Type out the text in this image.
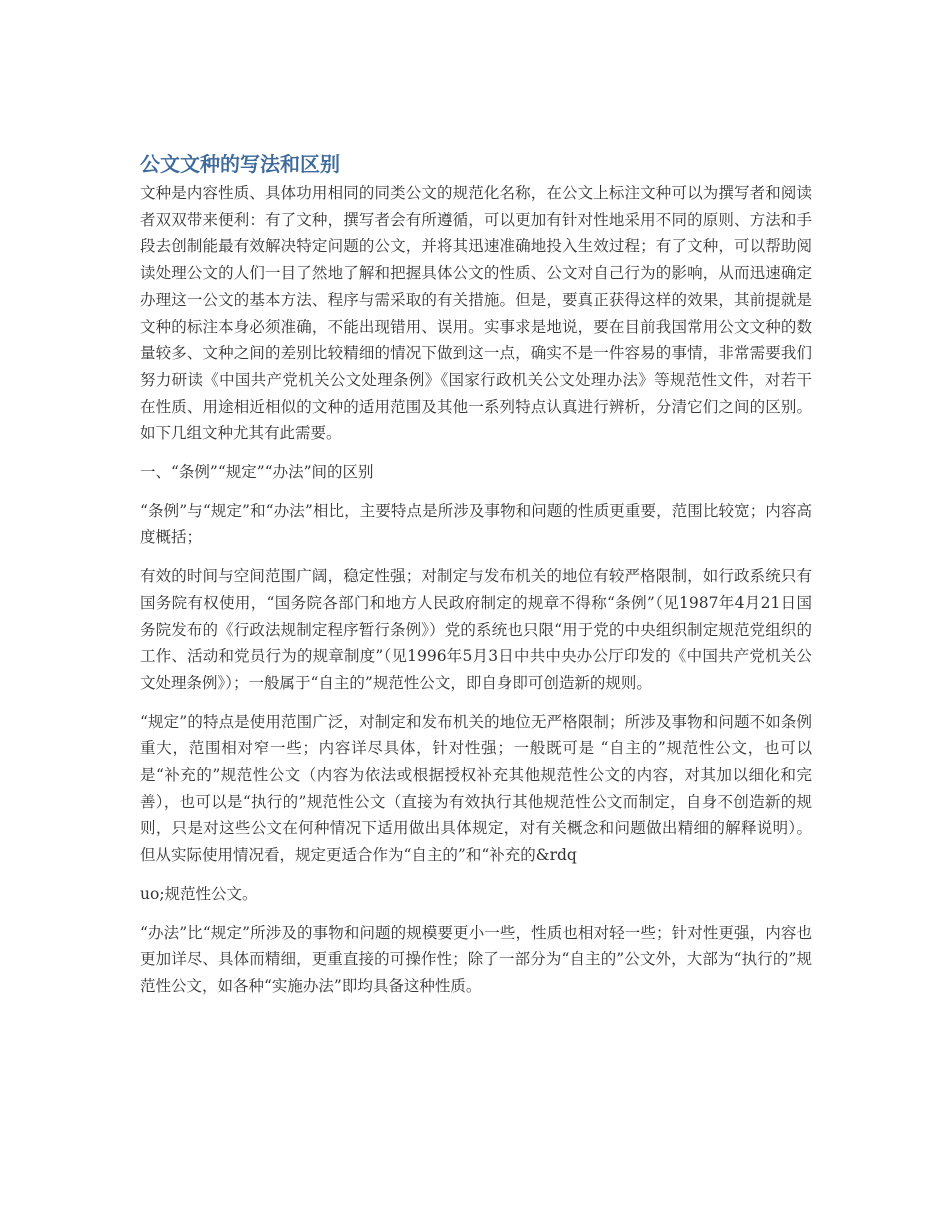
公文文种的写法和区别

文种是内容性质、具体功用相同的同类公文的规范化名称，在公文上标注文种可以为撰写者和阅读者双双带来便利：有了文种，撰写者会有所遵循，可以更加有针对性地采用不同的原则、方法和手段去创制能最有效解决特定问题的公文，并将其迅速准确地投入生效过程；有了文种，可以帮助阅读处理公文的人们一目了然地了解和把握具体公文的性质、公文对自己行为的影响，从而迅速确定办理这一公文的基本方法、程序与需采取的有关措施。但是，要真正获得这样的效果，其前提就是文种的标注本身必须准确，不能出现错用、误用。实事求是地说，要在目前我国常用公文文种的数量较多、文种之间的差别比较精细的情况下做到这一点，确实不是一件容易的事情，非常需要我们努力研读《中国共产党机关公文处理条例》《国家行政机关公文处理办法》等规范性文件，对若干在性质、用途相近相似的文种的适用范围及其他一系列特点认真进行辨析，分清它们之间的区别。如下几组文种尤其有此需要。

一、“条例”“规定”“办法”间的区别

“条例”与“规定”和“办法”相比，主要特点是所涉及事物和问题的性质更重要，范围比较宽；内容高度概括；

有效的时间与空间范围广阔，稳定性强；对制定与发布机关的地位有较严格限制，如行政系统只有国务院有权使用，“国务院各部门和地方人民政府制定的规章不得称“条例”（见1987年4月21日国务院发布的《行政法规制定程序暂行条例》）党的系统也只限“用于党的中央组织制定规范党组织的工作、活动和党员行为的规章制度”（见1996年5月3日中共中央办公厅印发的《中国共产党机关公文处理条例》）；一般属于“自主的”规范性公文，即自身即可创造新的规则。

“规定”的特点是使用范围广泛，对制定和发布机关的地位无严格限制；所涉及事物和问题不如条例重大，范围相对窄一些；内容详尽具体，针对性强；一般既可是 “自主的”规范性公文，也可以是“补充的”规范性公文（内容为依法或根据授权补充其他规范性公文的内容，对其加以细化和完善），也可以是“执行的”规范性公文（直接为有效执行其他规范性公文而制定，自身不创造新的规则，只是对这些公文在何种情况下适用做出具体规定，对有关概念和问题做出精细的解释说明）。但从实际使用情况看，规定更适合作为“自主的”和“补充的&rdq

uo;规范性公文。

“办法”比“规定”所涉及的事物和问题的规模要更小一些，性质也相对轻一些；针对性更强，内容也更加详尽、具体而精细，更重直接的可操作性；除了一部分为“自主的”公文外，大部为“执行的”规范性公文，如各种“实施办法”即均具备这种性质。
